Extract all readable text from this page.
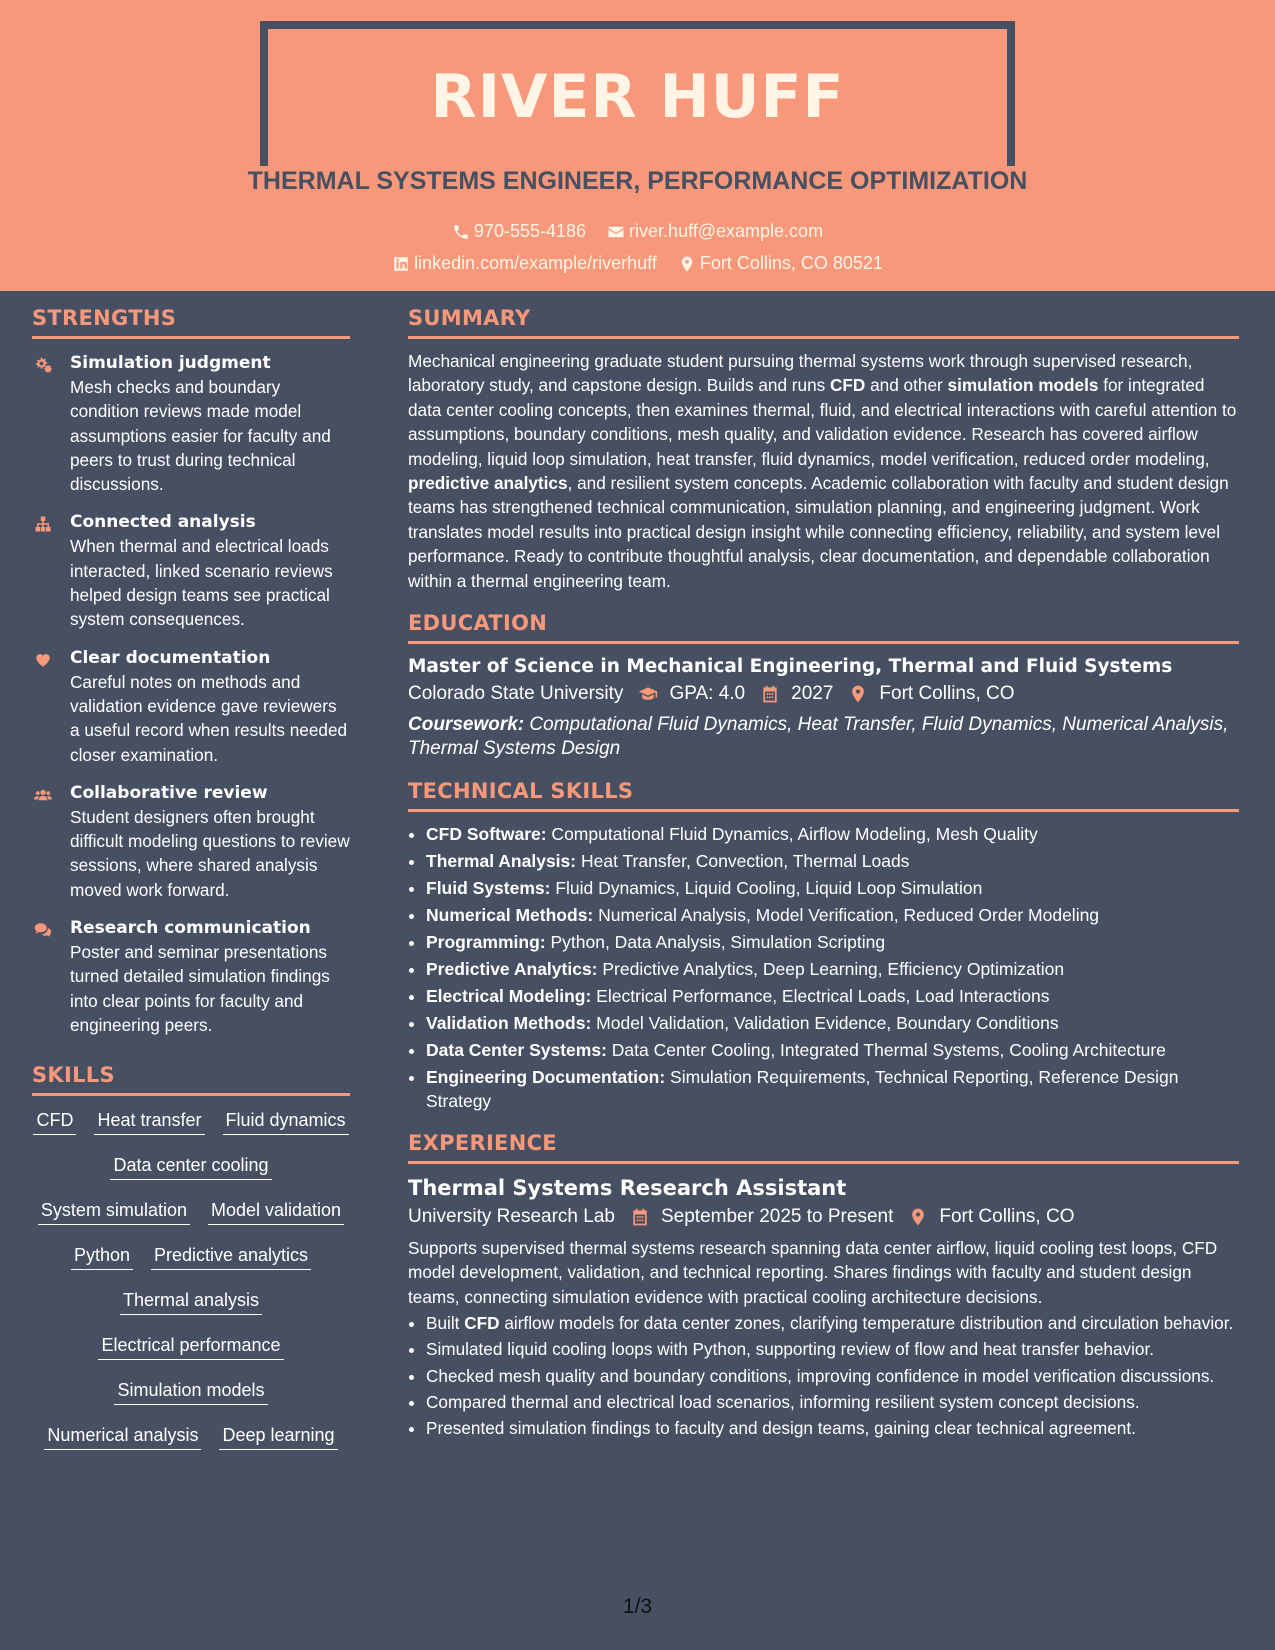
RIVER HUFF
THERMAL SYSTEMS ENGINEER, PERFORMANCE OPTIMIZATION
970-555-4186
river.huff@example.com
linkedin.com/example/riverhuff
Fort Collins, CO 80521
STRENGTHS

Simulation judgment

Mesh checks and boundary condition reviews made model assumptions easier for faculty and peers to trust during technical discussions.

Connected analysis

When thermal and electrical loads interacted, linked scenario reviews helped design teams see practical system consequences.

Clear documentation

Careful notes on methods and validation evidence gave reviewers a useful record when results needed closer examination.

Collaborative review

Student designers often brought difficult modeling questions to review sessions, where shared analysis moved work forward.

Research communication

Poster and seminar presentations turned detailed simulation findings into clear points for faculty and engineering peers.

SKILLS
CFD Heat transfer Fluid dynamics
Data center cooling
System simulation Model validation
Python Predictive analytics
Thermal analysis
Electrical performance
Simulation models
Numerical analysis Deep learning
SUMMARY

Mechanical engineering graduate student pursuing thermal systems work through supervised research, laboratory study, and capstone design. Builds and runs CFD and other simulation models for integrated data center cooling concepts, then examines thermal, fluid, and electrical interactions with careful attention to assumptions, boundary conditions, mesh quality, and validation evidence. Research has covered airflow modeling, liquid loop simulation, heat transfer, fluid dynamics, model verification, reduced order modeling, predictive analytics, and resilient system concepts. Academic collaboration with faculty and student design teams has strengthened technical communication, simulation planning, and engineering judgment. Work translates model results into practical design insight while connecting efficiency, reliability, and system level performance. Ready to contribute thoughtful analysis, clear documentation, and dependable collaboration within a thermal engineering team.

EDUCATION
Master of Science in Mechanical Engineering, Thermal and Fluid Systems
Colorado State University GPA: 4.0 2027 Fort Collins, CO

Coursework: Computational Fluid Dynamics, Heat Transfer, Fluid Dynamics, Numerical Analysis, Thermal Systems Design

TECHNICAL SKILLS
• CFD Software: Computational Fluid Dynamics, Airflow Modeling, Mesh Quality
• Thermal Analysis: Heat Transfer, Convection, Thermal Loads
• Fluid Systems: Fluid Dynamics, Liquid Cooling, Liquid Loop Simulation
• Numerical Methods: Numerical Analysis, Model Verification, Reduced Order Modeling
• Programming: Python, Data Analysis, Simulation Scripting
• Predictive Analytics: Predictive Analytics, Deep Learning, Efficiency Optimization
• Electrical Modeling: Electrical Performance, Electrical Loads, Load Interactions
• Validation Methods: Model Validation, Validation Evidence, Boundary Conditions
• Data Center Systems: Data Center Cooling, Integrated Thermal Systems, Cooling Architecture
• Engineering Documentation: Simulation Requirements, Technical Reporting, Reference Design Strategy
EXPERIENCE
Thermal Systems Research Assistant
University Research Lab September 2025 to Present Fort Collins, CO

Supports supervised thermal systems research spanning data center airflow, liquid cooling test loops, CFD model development, validation, and technical reporting. Shares findings with faculty and student design teams, connecting simulation evidence with practical cooling architecture decisions.

• Built CFD airflow models for data center zones, clarifying temperature distribution and circulation behavior.
• Simulated liquid cooling loops with Python, supporting review of flow and heat transfer behavior.
• Checked mesh quality and boundary conditions, improving confidence in model verification discussions.
• Compared thermal and electrical load scenarios, informing resilient system concept decisions.
• Presented simulation findings to faculty and design teams, gaining clear technical agreement.
1/3
